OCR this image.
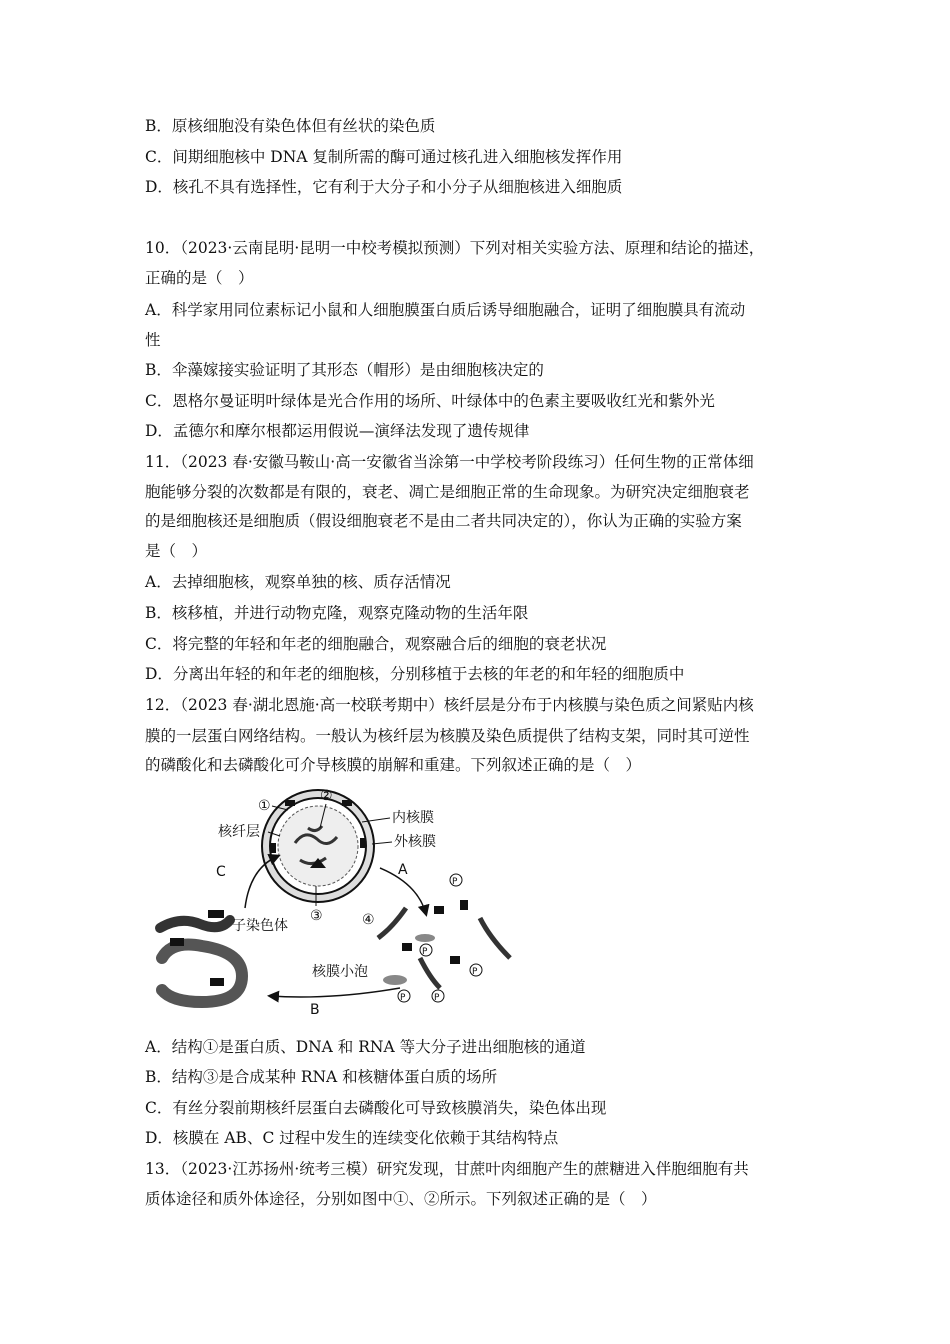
B．原核细胞没有染色体但有丝状的染色质
C．间期细胞核中 DNA 复制所需的酶可通过核孔进入细胞核发挥作用
D．核孔不具有选择性，它有利于大分子和小分子从细胞核进入细胞质
10．（2023·云南昆明·昆明一中校考模拟预测）下列对相关实验方法、原理和结论的描述，
正确的是（　）
A．科学家用同位素标记小鼠和人细胞膜蛋白质后诱导细胞融合，证明了细胞膜具有流动
性
B．伞藻嫁接实验证明了其形态（帽形）是由细胞核决定的
C．恩格尔曼证明叶绿体是光合作用的场所、叶绿体中的色素主要吸收红光和紫外光
D．孟德尔和摩尔根都运用假说—演绎法发现了遗传规律
11．（2023 春·安徽马鞍山·高一安徽省当涂第一中学校考阶段练习）任何生物的正常体细
胞能够分裂的次数都是有限的，衰老、凋亡是细胞正常的生命现象。为研究决定细胞衰老
的是细胞核还是细胞质（假设细胞衰老不是由二者共同决定的），你认为正确的实验方案
是（　）
A．去掉细胞核，观察单独的核、质存活情况
B．核移植，并进行动物克隆，观察克隆动物的生活年限
C．将完整的年轻和年老的细胞融合，观察融合后的细胞的衰老状况
D．分离出年轻的和年老的细胞核，分别移植于去核的年老的和年轻的细胞质中
12．（2023 春·湖北恩施·高一校联考期中）核纤层是分布于内核膜与染色质之间紧贴内核
膜的一层蛋白网络结构。一般认为核纤层为核膜及染色质提供了结构支架，同时其可逆性
的磷酸化和去磷酸化可介导核膜的崩解和重建。下列叙述正确的是（　）
A．结构①是蛋白质、DNA 和 RNA 等大分子进出细胞核的通道
B．结构③是合成某种 RNA 和核糖体蛋白质的场所
C．有丝分裂前期核纤层蛋白去磷酸化可导致核膜消失，染色体出现
D．核膜在 AB、C 过程中发生的连续变化依赖于其结构特点
13．（2023·江苏扬州·统考三模）研究发现，甘蔗叶肉细胞产生的蔗糖进入伴胞细胞有共
质体途径和质外体途径，分别如图中①、②所示。下列叙述正确的是（　）
①
②
③	④
内核膜
外核膜
核纤层
A
B
C
子染色体
核膜小泡
P
P
P	P
P
